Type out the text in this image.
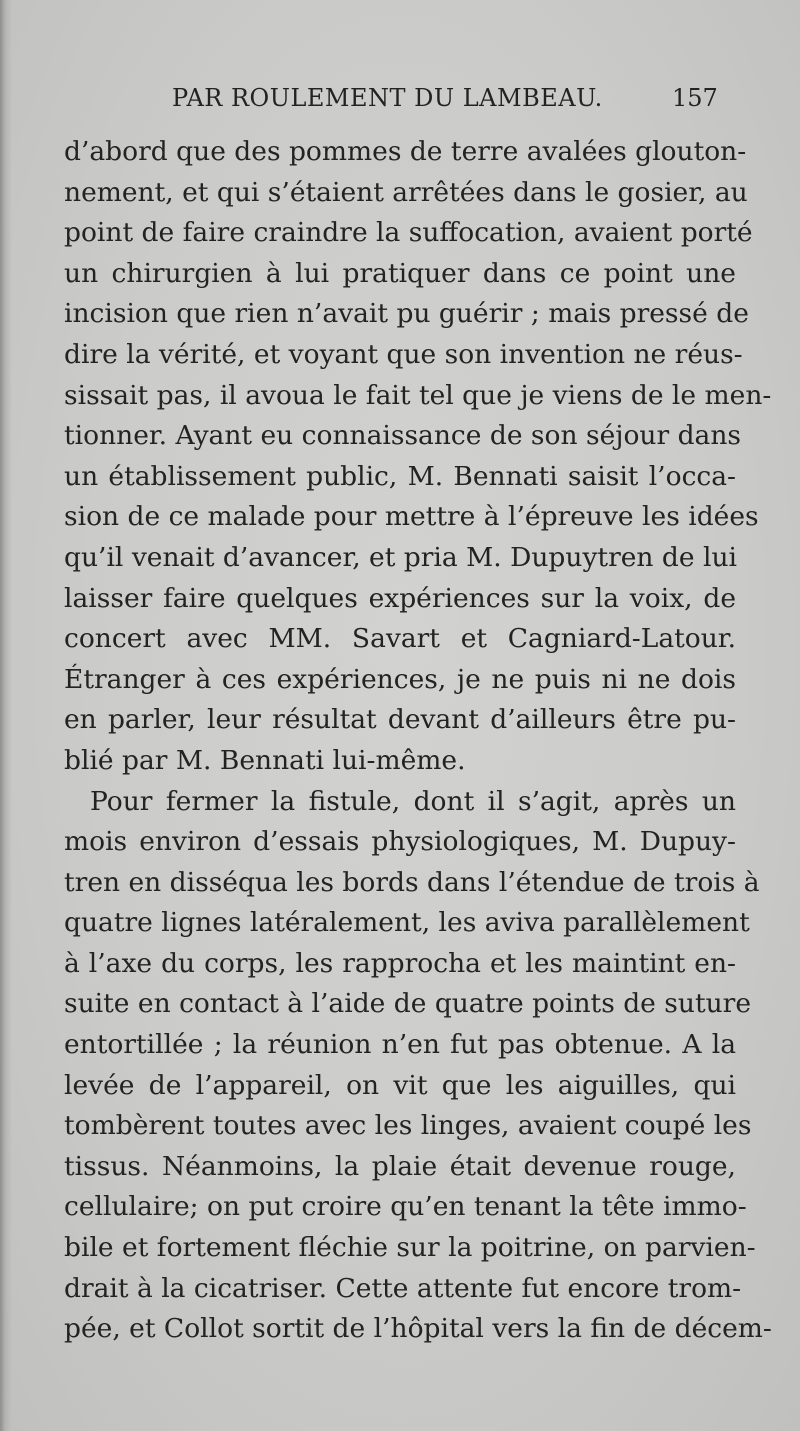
PAR ROULEMENT DU LAMBEAU.	157
d’abord que des pommes de terre avalées glouton-
nement, et qui s’étaient arrêtées dans le gosier, au
point de faire craindre la suffocation, avaient porté
un chirurgien à lui pratiquer dans ce point une
incision que rien n’avait pu guérir ; mais pressé de
dire la vérité, et voyant que son invention ne réus-
sissait pas, il avoua le fait tel que je viens de le men-
tionner. Ayant eu connaissance de son séjour dans
un établissement public, M. Bennati saisit l’occa-
sion de ce malade pour mettre à l’épreuve les idées
qu’il venait d’avancer, et pria M. Dupuytren de lui
laisser faire quelques expériences sur la voix, de
concert avec MM. Savart et Cagniard-Latour.
Étranger à ces expériences, je ne puis ni ne dois
en parler, leur résultat devant d’ailleurs être pu-
blié par M. Bennati lui-même.
Pour fermer la fistule, dont il s’agit, après un
mois environ d’essais physiologiques, M. Dupuy-
tren en disséqua les bords dans l’étendue de trois à
quatre lignes latéralement, les aviva parallèlement
à l’axe du corps, les rapprocha et les maintint en-
suite en contact à l’aide de quatre points de suture
entortillée ; la réunion n’en fut pas obtenue. A la
levée de l’appareil, on vit que les aiguilles, qui
tombèrent toutes avec les linges, avaient coupé les
tissus. Néanmoins, la plaie était devenue rouge,
cellulaire; on put croire qu’en tenant la tête immo-
bile et fortement fléchie sur la poitrine, on parvien-
drait à la cicatriser. Cette attente fut encore trom-
pée, et Collot sortit de l’hôpital vers la fin de décem-
